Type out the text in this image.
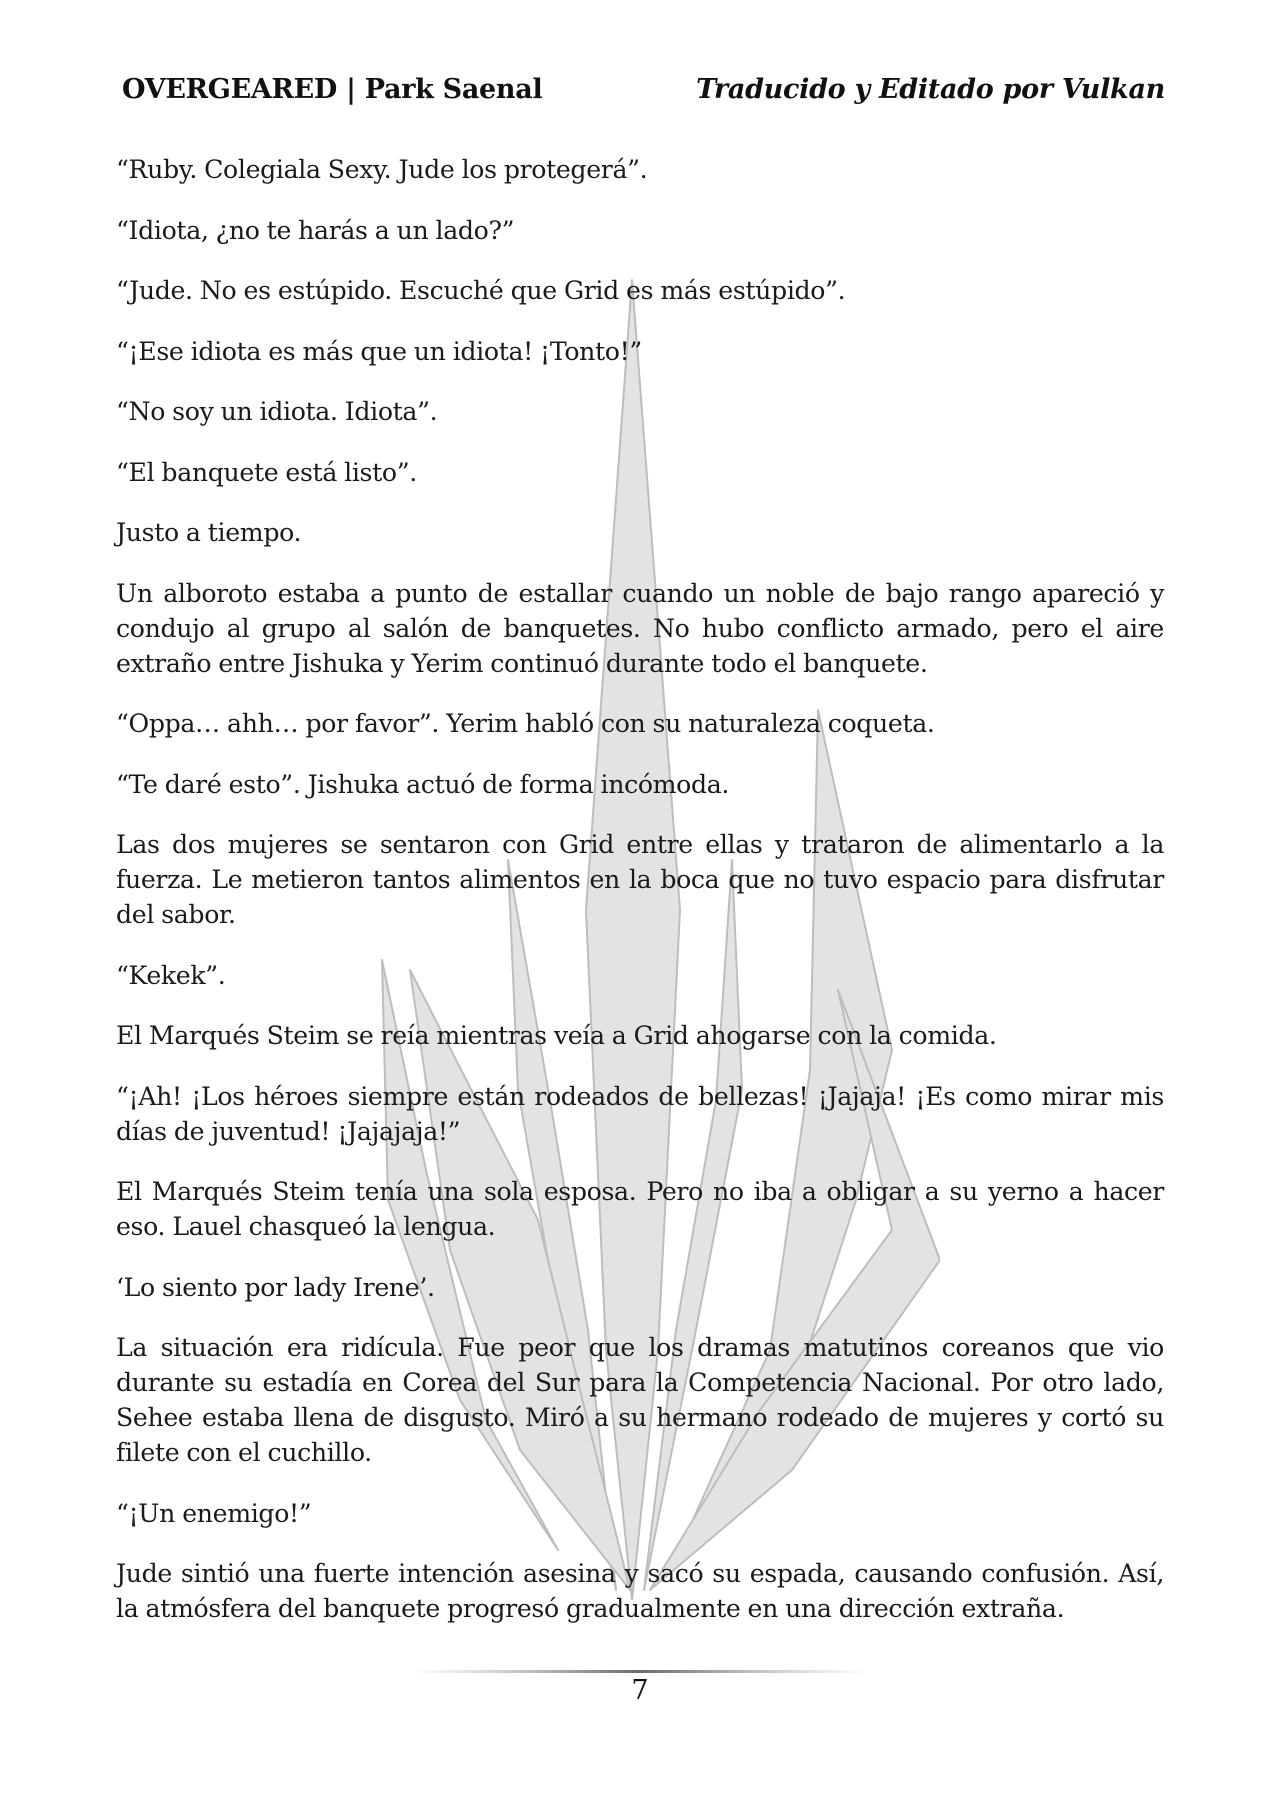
OVERGEARED | Park Saenal	Traducido y Editado por Vulkan

“Ruby. Colegiala Sexy. Jude los protegerá”.

“Idiota, ¿no te harás a un lado?”

“Jude. No es estúpido. Escuché que Grid es más estúpido”.

“¡Ese idiota es más que un idiota! ¡Tonto!”

“No soy un idiota. Idiota”.

“El banquete está listo”.

Justo a tiempo.

Un alboroto estaba a punto de estallar cuando un noble de bajo rango apareció y condujo al grupo al salón de banquetes. No hubo conflicto armado, pero el aire extraño entre Jishuka y Yerim continuó durante todo el banquete.

“Oppa… ahh… por favor”. Yerim habló con su naturaleza coqueta.

“Te daré esto”. Jishuka actuó de forma incómoda.

Las dos mujeres se sentaron con Grid entre ellas y trataron de alimentarlo a la fuerza. Le metieron tantos alimentos en la boca que no tuvo espacio para disfrutar del sabor.

“Kekek”.

El Marqués Steim se reía mientras veía a Grid ahogarse con la comida.

“¡Ah! ¡Los héroes siempre están rodeados de bellezas! ¡Jajaja! ¡Es como mirar mis días de juventud! ¡Jajajaja!”

El Marqués Steim tenía una sola esposa. Pero no iba a obligar a su yerno a hacer eso. Lauel chasqueó la lengua.

‘Lo siento por lady Irene’.

La situación era ridícula. Fue peor que los dramas matutinos coreanos que vio durante su estadía en Corea del Sur para la Competencia Nacional. Por otro lado, Sehee estaba llena de disgusto. Miró a su hermano rodeado de mujeres y cortó su filete con el cuchillo.

“¡Un enemigo!”

Jude sintió una fuerte intención asesina y sacó su espada, causando confusión. Así, la atmósfera del banquete progresó gradualmente en una dirección extraña.

7
